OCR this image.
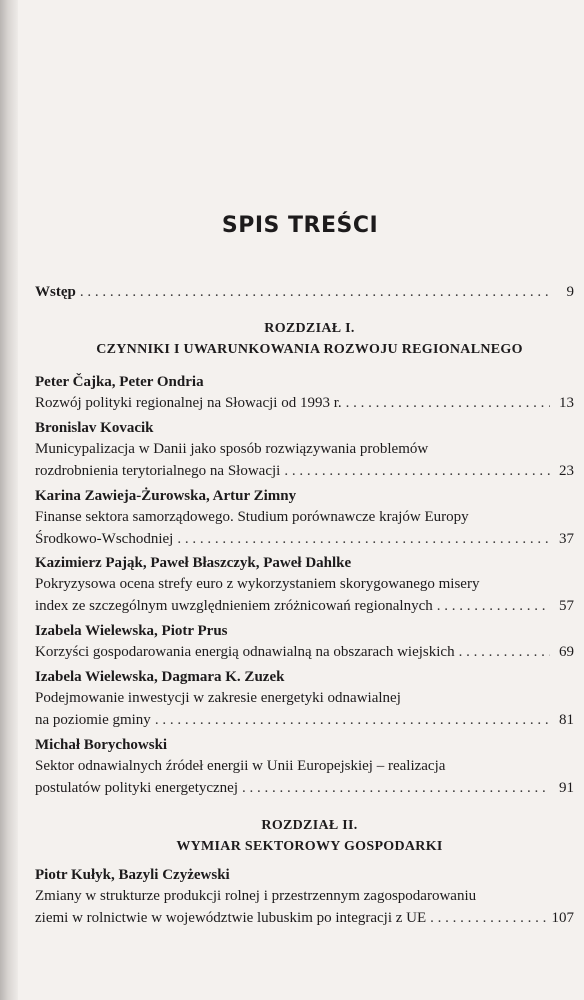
SPIS TREŚCI
Wstęp . . .	9
ROZDZIAŁ I.
CZYNNIKI I UWARUNKOWANIA ROZWOJU REGIONALNEGO
Peter Čajka, Peter Ondria
Rozwój polityki regionalnej na Słowacji od 1993 r. . . .	13
Bronislav Kovacik
Municypalizacja w Danii jako sposób rozwiązywania problemów
rozdrobnienia terytorialnego na Słowacji . . .	23
Karina Zawieja-Żurowska, Artur Zimny
Finanse sektora samorządowego. Studium porównawcze krajów Europy
Środkowo-Wschodniej . . .	37
Kazimierz Pająk, Paweł Błaszczyk, Paweł Dahlke
Pokryzysowa ocena strefy euro z wykorzystaniem skorygowanego misery
index ze szczególnym uwzględnieniem zróżnicowań regionalnych . . .	57
Izabela Wielewska, Piotr Prus
Korzyści gospodarowania energią odnawialną na obszarach wiejskich . . .	69
Izabela Wielewska, Dagmara K. Zuzek
Podejmowanie inwestycji w zakresie energetyki odnawialnej
na poziomie gminy . . .	81
Michał Borychowski
Sektor odnawialnych źródeł energii w Unii Europejskiej – realizacja
postulatów polityki energetycznej . . .	91
ROZDZIAŁ II.
WYMIAR SEKTOROWY GOSPODARKI
Piotr Kułyk, Bazyli Czyżewski
Zmiany w strukturze produkcji rolnej i przestrzennym zagospodarowaniu
ziemi w rolnictwie w województwie lubuskim po integracji z UE . . .	107
